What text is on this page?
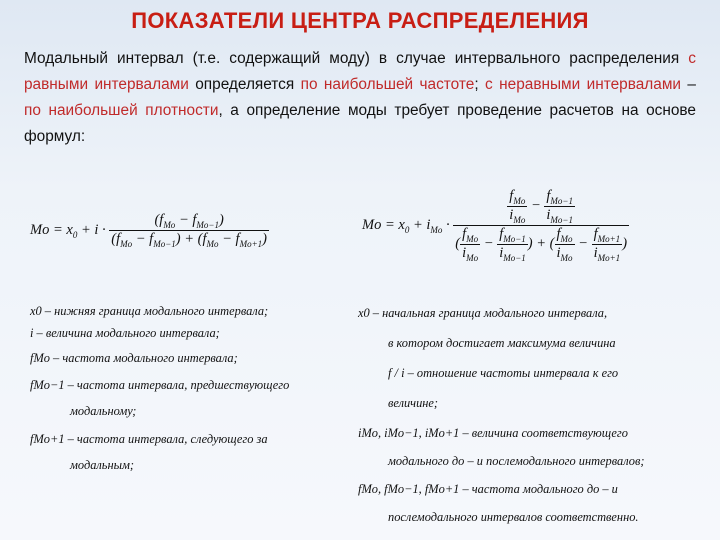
ПОКАЗАТЕЛИ ЦЕНТРА РАСПРЕДЕЛЕНИЯ
Модальный интервал (т.е. содержащий моду) в случае интервального распределения с равными интервалами определяется по наибольшей частоте; с неравными интервалами – по наибольшей плотности, а определение моды требует проведение расчетов на основе формул:
$Mo = x_0 + i \cdot \frac{(f_{Mo} - f_{Mo-1})}{(f_{Mo} - f_{Mo-1}) + (f_{Mo} - f_{Mo+1})}$	$Mo = x_0 + i_{Mo}$ ·	$\frac{f_{Mo}}{i_{Mo}} - \frac{f_{Mo-1}}{i_{Mo-1}}$
( $\frac{f_{Mo}}{i_{Mo}} - \frac{f_{Mo-1}}{i_{Mo-1}}$ ) + ( $\frac{f_{Mo}}{i_{Mo}} - \frac{f_{Mo+1}}{i_{Mo+1}}$ )
x0 – нижняя граница модального интервала;
i – величина модального интервала;
fMo – частота модального интервала;
fMo−1 – частота интервала, предшествующего
модальному;
fMo+1 – частота интервала, следующего за
модальным;
x0 – начальная граница модального интервала,
в котором достигает максимума величина
f / i – отношение частоты интервала к его
величине;
iMo, iMo−1, iMo+1 – величина соответствующего
модального до – и послемодального интервалов;
fMo, fMo−1, fMo+1 – частота модального до – и
послемодального интервалов соответственно.
